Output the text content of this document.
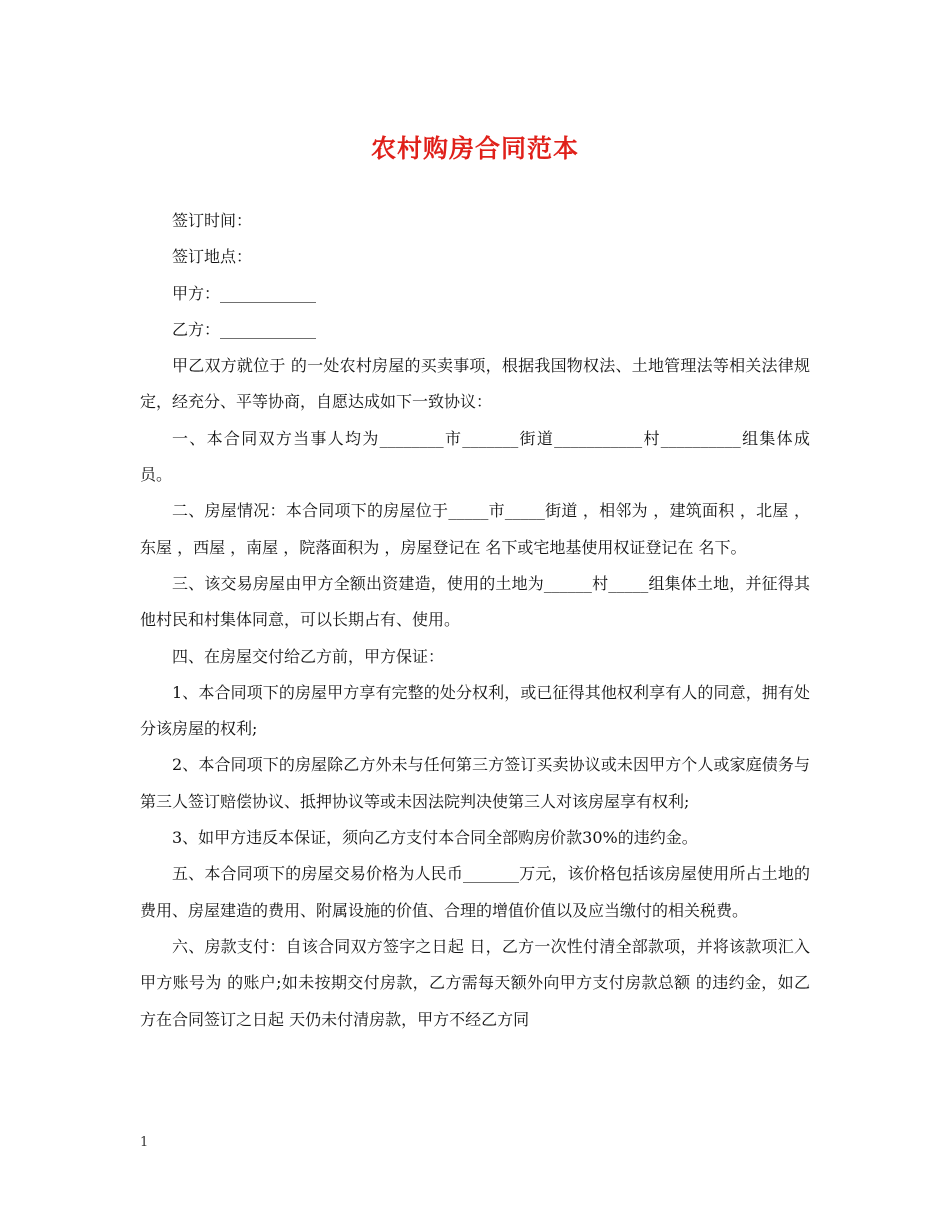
农村购房合同范本

签订时间：

签订地点：

甲方：____________

乙方：____________

甲乙双方就位于 的一处农村房屋的买卖事项，根据我国物权法、土地管理法等相关法律规定，经充分、平等协商，自愿达成如下一致协议：

一、本合同双方当事人均为________市_______街道___________村__________组集体成员。

二、房屋情况：本合同项下的房屋位于_____市_____街道 ，相邻为 ，建筑面积 ，北屋 ，东屋 ，西屋 ，南屋 ，院落面积为 ，房屋登记在 名下或宅地基使用权证登记在 名下。

三、该交易房屋由甲方全额出资建造，使用的土地为______村_____组集体土地，并征得其他村民和村集体同意，可以长期占有、使用。

四、在房屋交付给乙方前，甲方保证：

1、本合同项下的房屋甲方享有完整的处分权利，或已征得其他权利享有人的同意，拥有处分该房屋的权利;

2、本合同项下的房屋除乙方外未与任何第三方签订买卖协议或未因甲方个人或家庭债务与第三人签订赔偿协议、抵押协议等或未因法院判决使第三人对该房屋享有权利;

3、如甲方违反本保证，须向乙方支付本合同全部购房价款30%的违约金。

五、本合同项下的房屋交易价格为人民币_______万元，该价格包括该房屋使用所占土地的费用、房屋建造的费用、附属设施的价值、合理的增值价值以及应当缴付的相关税费。

六、房款支付：自该合同双方签字之日起 日，乙方一次性付清全部款项，并将该款项汇入甲方账号为 的账户;如未按期交付房款，乙方需每天额外向甲方支付房款总额 的违约金，如乙方在合同签订之日起 天仍未付清房款，甲方不经乙方同

1
